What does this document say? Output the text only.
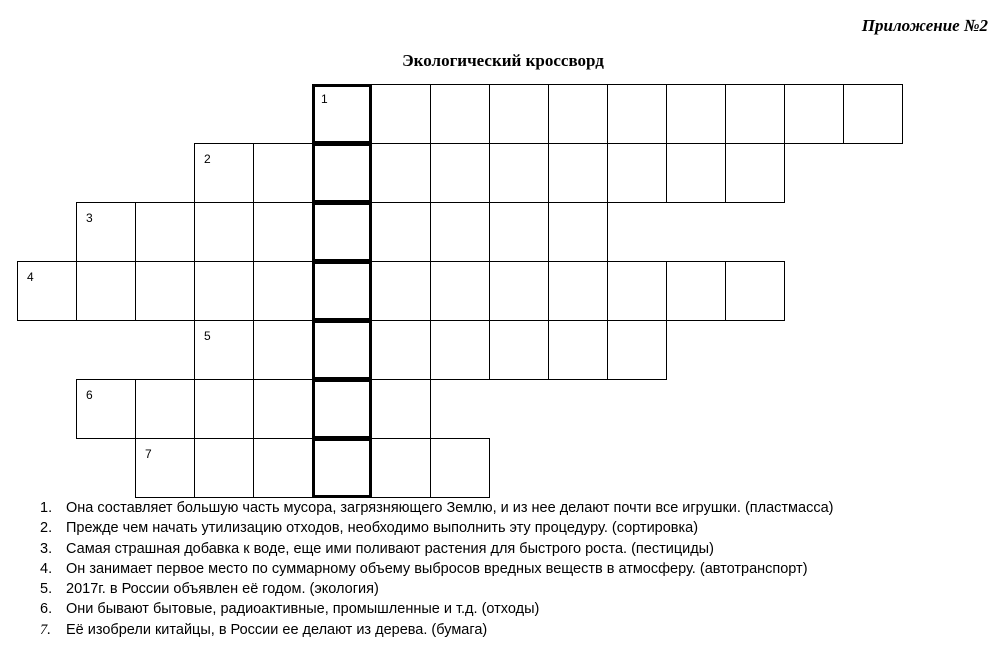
Приложение №2
Экологический кроссворд
1
2
3
4
5
6
7
1. Она составляет большую часть мусора, загрязняющего Землю, и из нее делают почти все игрушки. (пластмасса)
2. Прежде чем начать утилизацию отходов, необходимо выполнить эту процедуру. (сортировка)
3. Самая страшная добавка к воде, еще ими поливают растения для быстрого роста. (пестициды)
4. Он занимает первое место по суммарному объему выбросов вредных веществ в атмосферу. (автотранспорт)
5. 2017г. в России объявлен её годом. (экология)
6. Они бывают бытовые, радиоактивные, промышленные и т.д. (отходы)
7. Её изобрели китайцы, в России ее делают из дерева. (бумага)
